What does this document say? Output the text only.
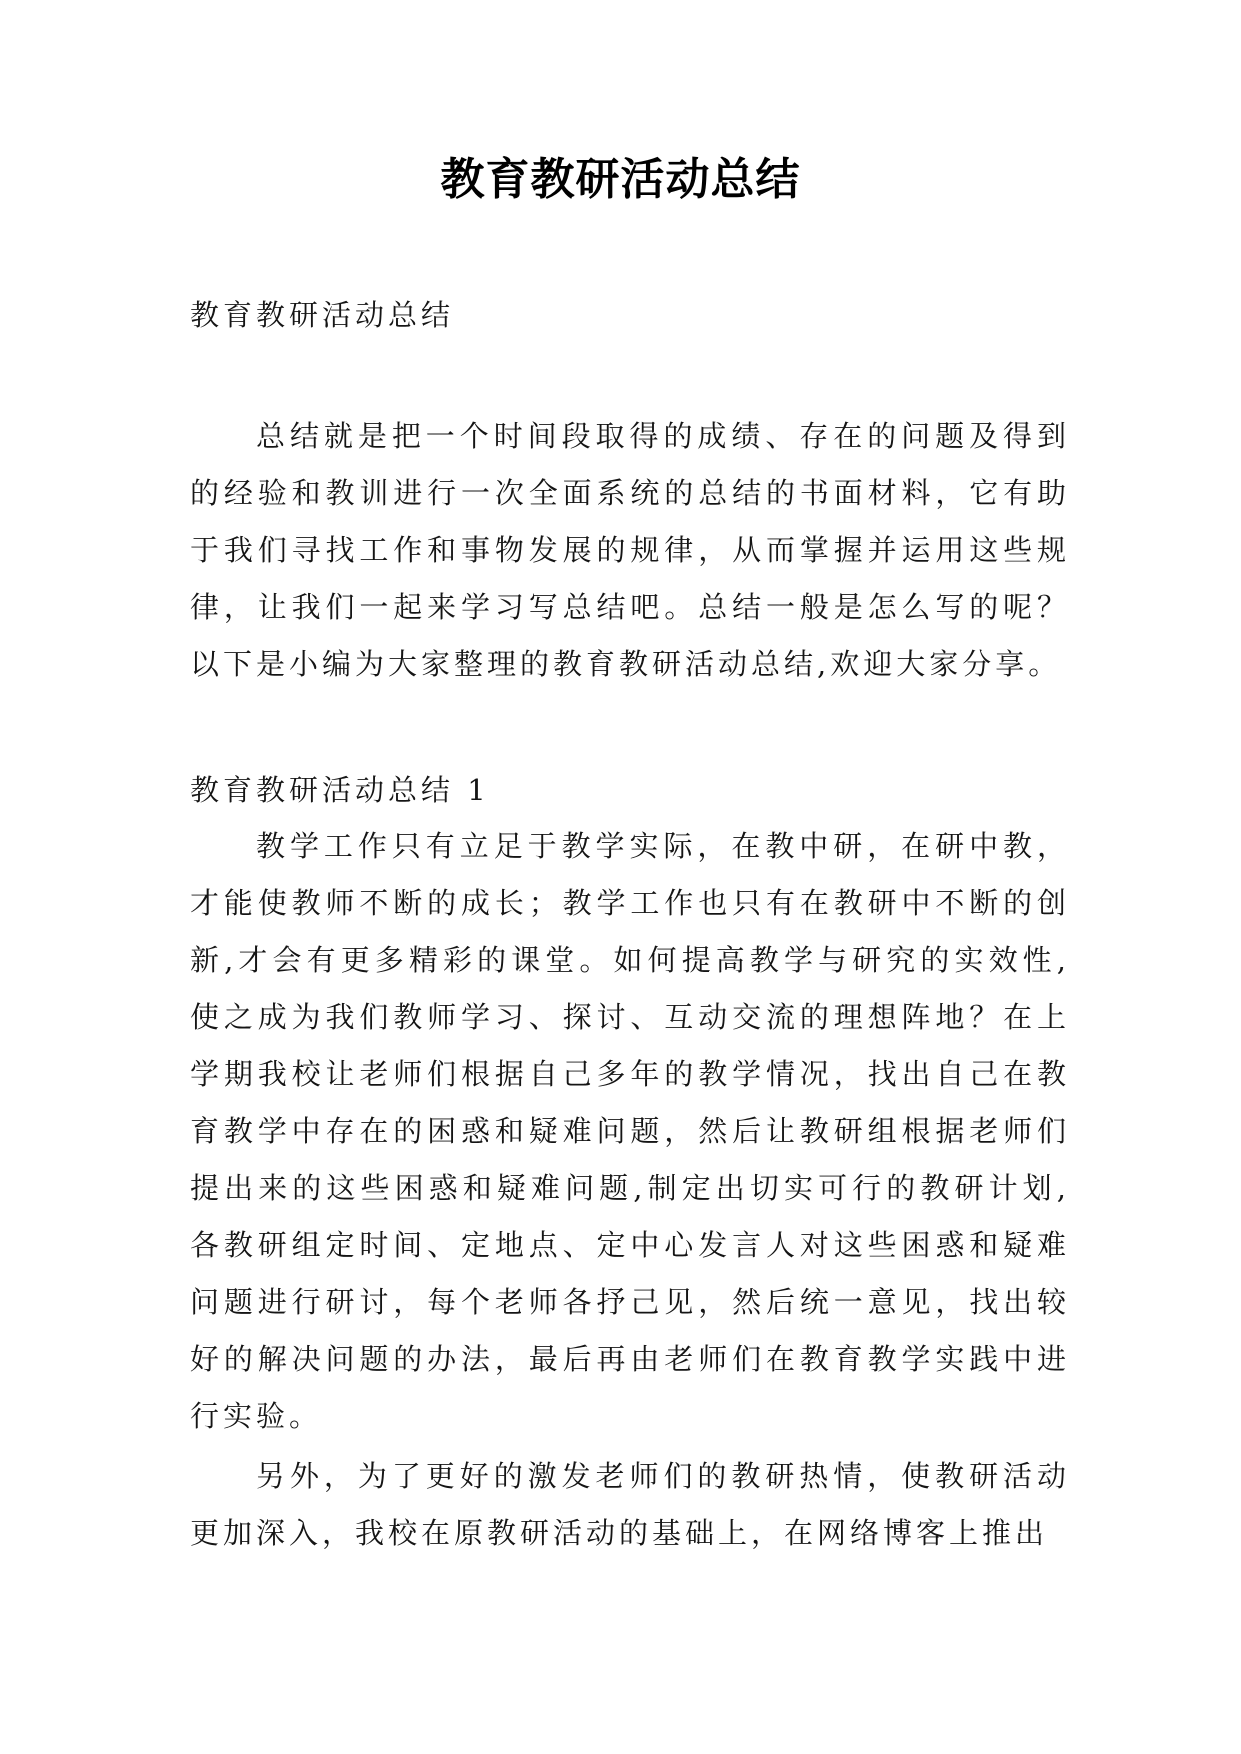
教育教研活动总结
教育教研活动总结
总结就是把一个时间段取得的成绩、存在的问题及得到的经验和教训进行一次全面系统的总结的书面材料，它有助于我们寻找工作和事物发展的规律，从而掌握并运用这些规律，让我们一起来学习写总结吧。总结一般是怎么写的呢？以下是小编为大家整理的教育教研活动总结,欢迎大家分享。
教育教研活动总结 1
教学工作只有立足于教学实际，在教中研，在研中教，才能使教师不断的成长；教学工作也只有在教研中不断的创新,才会有更多精彩的课堂。如何提高教学与研究的实效性,使之成为我们教师学习、探讨、互动交流的理想阵地？在上学期我校让老师们根据自己多年的教学情况，找出自己在教育教学中存在的困惑和疑难问题，然后让教研组根据老师们提出来的这些困惑和疑难问题,制定出切实可行的教研计划,各教研组定时间、定地点、定中心发言人对这些困惑和疑难问题进行研讨，每个老师各抒己见，然后统一意见，找出较好的解决问题的办法，最后再由老师们在教育教学实践中进行实验。
另外，为了更好的激发老师们的教研热情，使教研活动更加深入，我校在原教研活动的基础上，在网络博客上推出
